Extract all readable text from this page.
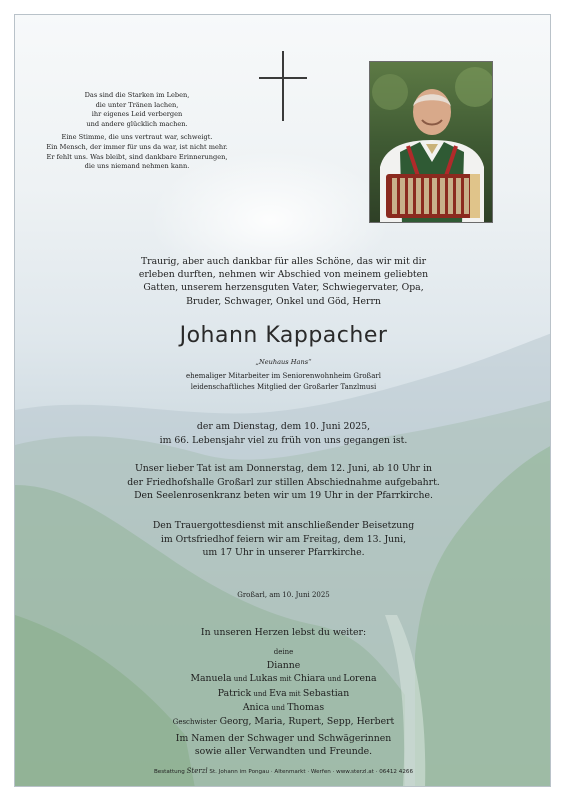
Das sind die Starken im Leben,
die unter Tränen lachen,
ihr eigenes Leid verbergen
und andere glücklich machen.

Eine Stimme, die uns vertraut war, schweigt.
Ein Mensch, der immer für uns da war, ist nicht mehr.
Er fehlt uns. Was bleibt, sind dankbare Erinnerungen,
die uns niemand nehmen kann.

Traurig, aber auch dankbar für alles Schöne, das wir mit dir

erleben durften, nehmen wir Abschied von meinem geliebten

Gatten, unserem herzensguten Vater, Schwiegervater, Opa,

Bruder, Schwager, Onkel und Göd, Herrn

Johann Kappacher
„Neuhaus Hans“

ehemaliger Mitarbeiter im Seniorenwohnheim Großarl

leidenschaftliches Mitglied der Großarler Tanzlmusi

der am Dienstag, dem 10. Juni 2025,

im 66. Lebensjahr viel zu früh von uns gegangen ist.

Unser lieber Tat ist am Donnerstag, dem 12. Juni, ab 10 Uhr in

der Friedhofshalle Großarl zur stillen Abschiednahme aufgebahrt.

Den Seelenrosenkranz beten wir um 19 Uhr in der Pfarrkirche.

Den Trauergottesdienst mit anschließender Beisetzung

im Ortsfriedhof feiern wir am Freitag, dem 13. Juni,

um 17 Uhr in unserer Pfarrkirche.

Großarl, am 10. Juni 2025
In unseren Herzen lebst du weiter:
deine
Dianne
Manuela und Lukas mit Chiara und Lorena
Patrick und Eva mit Sebastian
Anica und Thomas
Geschwister Georg, Maria, Rupert, Sepp, Herbert
Im Namen der Schwager und Schwägerinnen
sowie aller Verwandten und Freunde.
Bestattung Sterzl St. Johann im Pongau · Altenmarkt · Werfen · www.sterzl.at · 06412 4266
